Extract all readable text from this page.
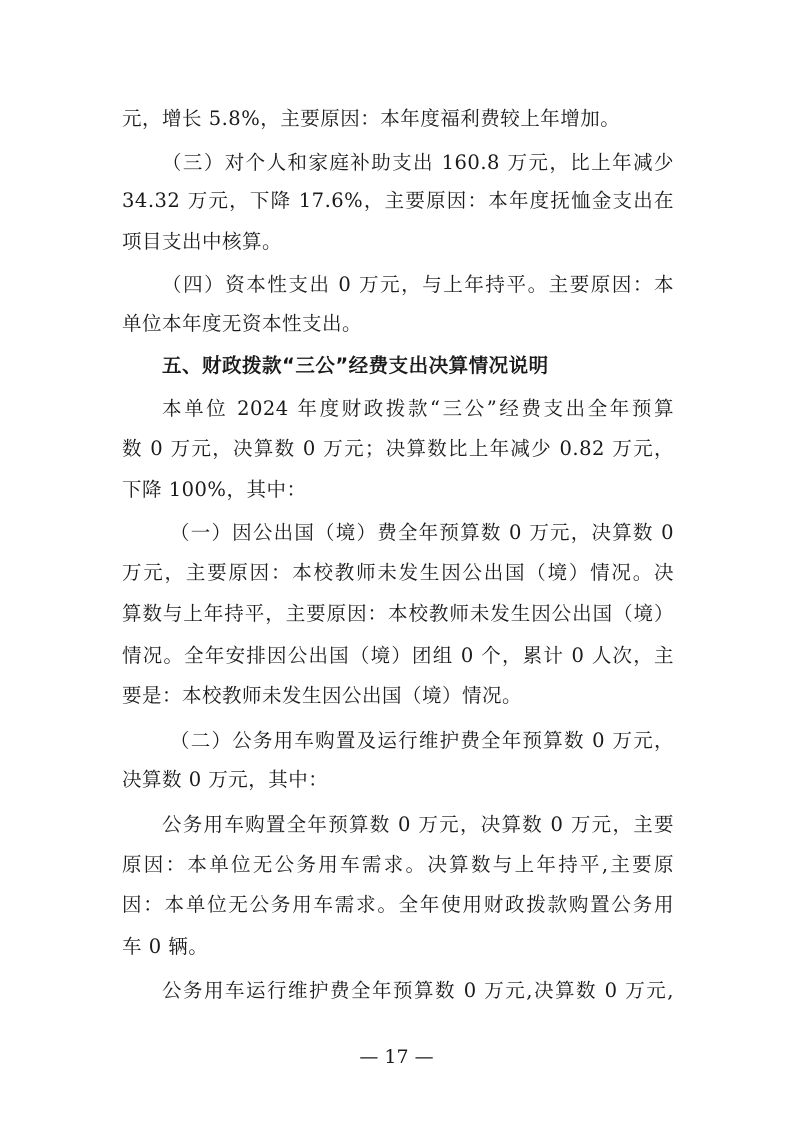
元，增长 5.8%，主要原因：本年度福利费较上年增加。
（三）对个人和家庭补助支出 160.8 万元，比上年减少
34.32 万元，下降 17.6%，主要原因：本年度抚恤金支出在
项目支出中核算。
（四）资本性支出 0 万元，与上年持平。主要原因：本
单位本年度无资本性支出。
五、财政拨款“三公”经费支出决算情况说明
本单位 2024 年度财政拨款“三公”经费支出全年预算
数 0 万元，决算数 0 万元；决算数比上年减少 0.82 万元，
下降 100%，其中：
（一）因公出国（境）费全年预算数 0 万元，决算数 0
万元，主要原因：本校教师未发生因公出国（境）情况。决
算数与上年持平，主要原因：本校教师未发生因公出国（境）
情况。全年安排因公出国（境）团组 0 个，累计 0 人次，主
要是：本校教师未发生因公出国（境）情况。
（二）公务用车购置及运行维护费全年预算数 0 万元，
决算数 0 万元，其中：
公务用车购置全年预算数 0 万元，决算数 0 万元，主要
原因：本单位无公务用车需求。决算数与上年持平,主要原
因：本单位无公务用车需求。全年使用财政拨款购置公务用
车 0 辆。
公务用车运行维护费全年预算数 0 万元,决算数 0 万元,
— 17 —
